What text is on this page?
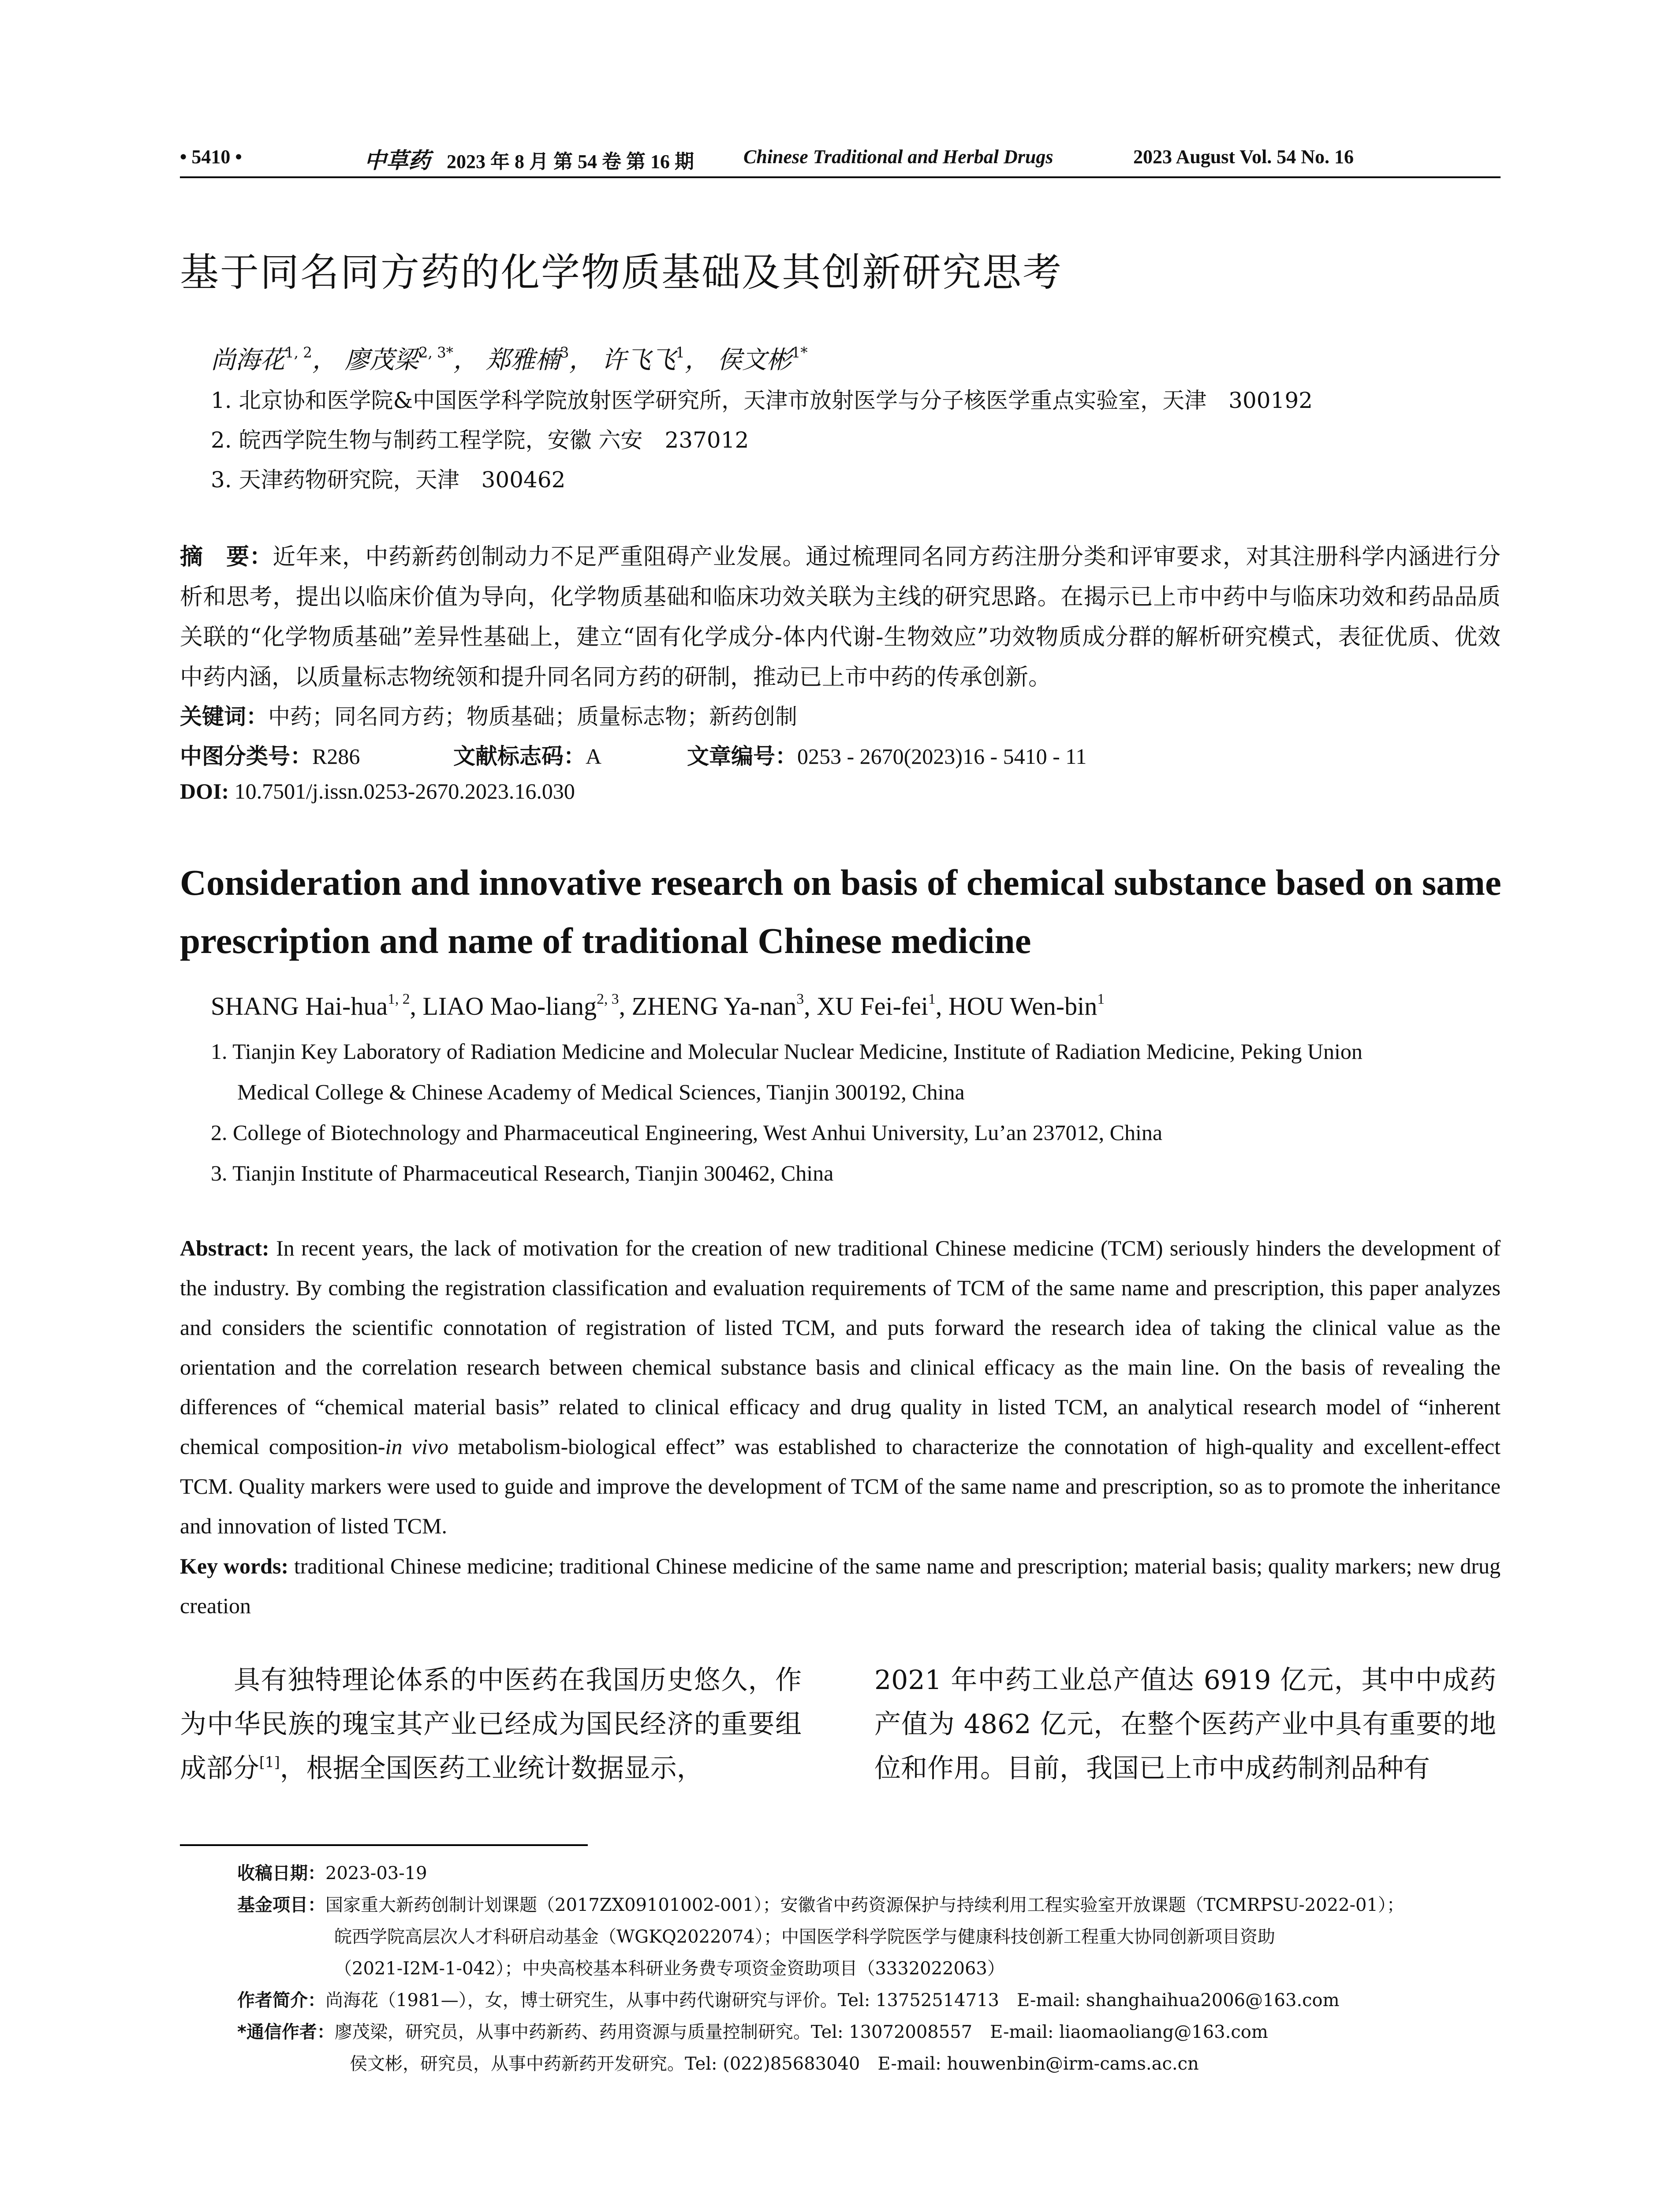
• 5410 •	中草药 2023 年 8 月 第 54 卷 第 16 期	Chinese Traditional and Herbal Drugs	2023 August Vol. 54 No. 16
基于同名同方药的化学物质基础及其创新研究思考
尚海花$^{1, 2}$， 廖茂梁$^{2, 3*}$， 郑雅楠$^3$， 许飞飞$^1$， 侯文彬$^{1*}$
1. 北京协和医学院&中国医学科学院放射医学研究所，天津市放射医学与分子核医学重点实验室，天津　300192
2. 皖西学院生物与制药工程学院，安徽 六安　237012
3. 天津药物研究院，天津　300462
摘　要：近年来，中药新药创制动力不足严重阻碍产业发展。通过梳理同名同方药注册分类和评审要求，对其注册科学内涵进行分析和思考，提出以临床价值为导向，化学物质基础和临床功效关联为主线的研究思路。在揭示已上市中药中与临床功效和药品品质关联的“化学物质基础”差异性基础上，建立“固有化学成分-体内代谢-生物效应”功效物质成分群的解析研究模式，表征优质、优效中药内涵，以质量标志物统领和提升同名同方药的研制，推动已上市中药的传承创新。
关键词：中药；同名同方药；物质基础；质量标志物；新药创制
中图分类号：R286	文献标志码：A	文章编号：0253 - 2670(2023)16 - 5410 - 11
DOI: 10.7501/j.issn.0253-2670.2023.16.030
Consideration and innovative research on basis of chemical substance based on same prescription and name of traditional Chinese medicine
SHANG Hai-hua$^{1, 2}$, LIAO Mao-liang$^{2, 3}$, ZHENG Ya-nan$^3$, XU Fei-fei$^1$, HOU Wen-bin$^1$
1. Tianjin Key Laboratory of Radiation Medicine and Molecular Nuclear Medicine, Institute of Radiation Medicine, Peking Union
Medical College & Chinese Academy of Medical Sciences, Tianjin 300192, China
2. College of Biotechnology and Pharmaceutical Engineering, West Anhui University, Lu’an 237012, China
3. Tianjin Institute of Pharmaceutical Research, Tianjin 300462, China
Abstract: In recent years, the lack of motivation for the creation of new traditional Chinese medicine (TCM) seriously hinders the development of the industry. By combing the registration classification and evaluation requirements of TCM of the same name and prescription, this paper analyzes and considers the scientific connotation of registration of listed TCM, and puts forward the research idea of taking the clinical value as the orientation and the correlation research between chemical substance basis and clinical efficacy as the main line. On the basis of revealing the differences of “chemical material basis” related to clinical efficacy and drug quality in listed TCM, an analytical research model of “inherent chemical composition-in vivo metabolism-biological effect” was established to characterize the connotation of high-quality and excellent-effect TCM. Quality markers were used to guide and improve the development of TCM of the same name and prescription, so as to promote the inheritance and innovation of listed TCM.
Key words: traditional Chinese medicine; traditional Chinese medicine of the same name and prescription; material basis; quality markers; new drug creation
具有独特理论体系的中医药在我国历史悠久，作为中华民族的瑰宝其产业已经成为国民经济的重要组成部分[1]，根据全国医药工业统计数据显示，
2021 年中药工业总产值达 6919 亿元，其中中成药产值为 4862 亿元，在整个医药产业中具有重要的地位和作用。目前，我国已上市中成药制剂品种有
收稿日期：2023-03-19
基金项目：国家重大新药创制计划课题（2017ZX09101002-001）；安徽省中药资源保护与持续利用工程实验室开放课题（TCMRPSU-2022-01）；
皖西学院高层次人才科研启动基金（WGKQ2022074）；中国医学科学院医学与健康科技创新工程重大协同创新项目资助
（2021-I2M-1-042）；中央高校基本科研业务费专项资金资助项目（3332022063）
作者简介：尚海花（1981—），女，博士研究生，从事中药代谢研究与评价。Tel: 13752514713　E-mail: shanghaihua2006@163.com
*通信作者：廖茂梁，研究员，从事中药新药、药用资源与质量控制研究。Tel: 13072008557　E-mail: liaomaoliang@163.com
侯文彬，研究员，从事中药新药开发研究。Tel: (022)85683040　E-mail: houwenbin@irm-cams.ac.cn
